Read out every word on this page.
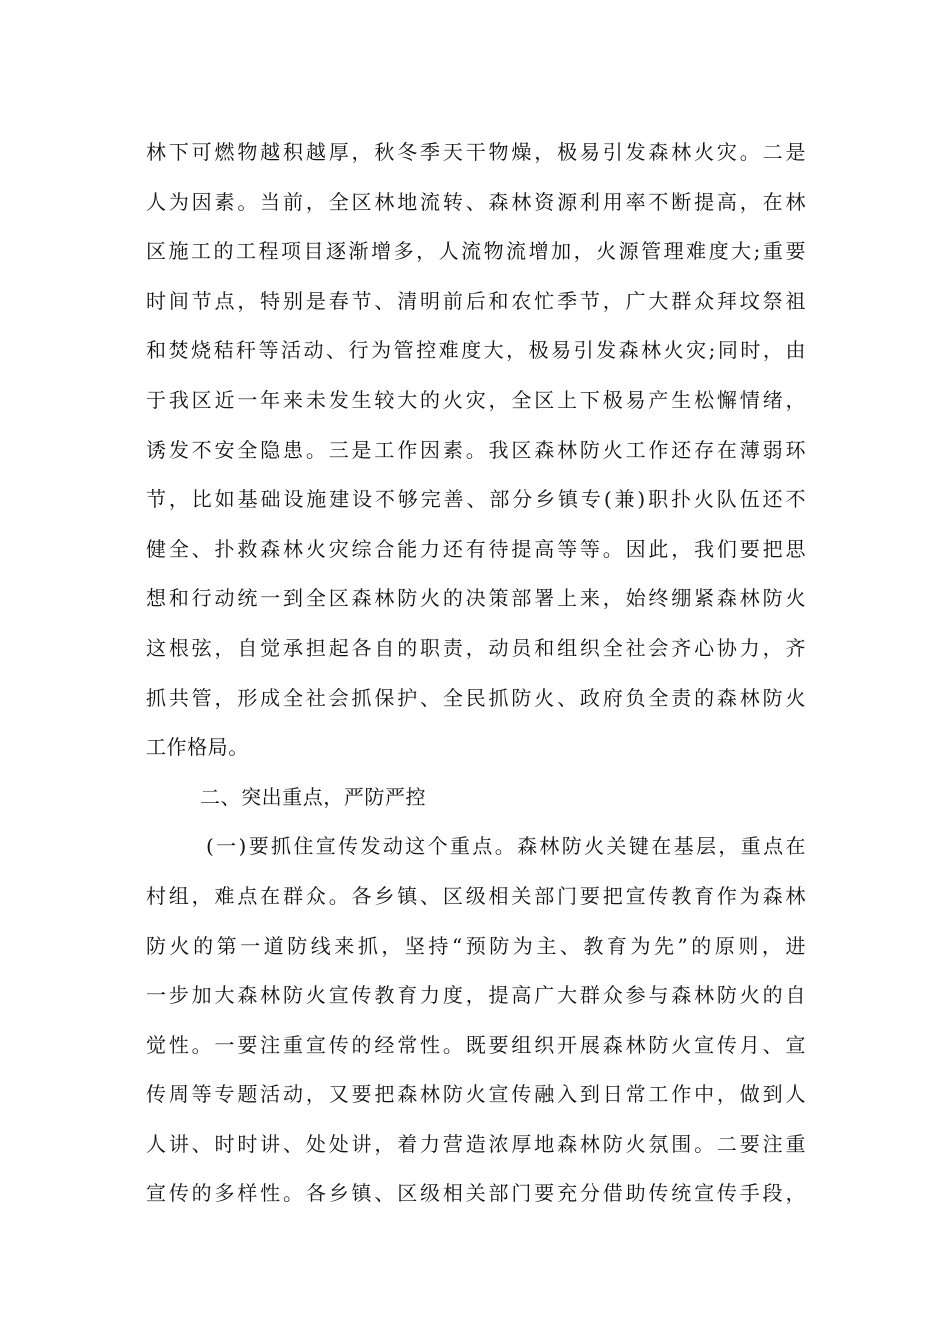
林下可燃物越积越厚，秋冬季天干物燥，极易引发森林火灾。二是
人为因素。当前，全区林地流转、森林资源利用率不断提高，在林
区施工的工程项目逐渐增多，人流物流增加，火源管理难度大;重要
时间节点，特别是春节、清明前后和农忙季节，广大群众拜坟祭祖
和焚烧秸秆等活动、行为管控难度大，极易引发森林火灾;同时，由
于我区近一年来未发生较大的火灾，全区上下极易产生松懈情绪，
诱发不安全隐患。三是工作因素。我区森林防火工作还存在薄弱环
节，比如基础设施建设不够完善、部分乡镇专(兼)职扑火队伍还不
健全、扑救森林火灾综合能力还有待提高等等。因此，我们要把思
想和行动统一到全区森林防火的决策部署上来，始终绷紧森林防火
这根弦，自觉承担起各自的职责，动员和组织全社会齐心协力，齐
抓共管，形成全社会抓保护、全民抓防火、政府负全责的森林防火
工作格局。
二、突出重点，严防严控
(一)要抓住宣传发动这个重点。森林防火关键在基层，重点在
村组，难点在群众。各乡镇、区级相关部门要把宣传教育作为森林
防火的第一道防线来抓，坚持“预防为主、教育为先”的原则，进
一步加大森林防火宣传教育力度，提高广大群众参与森林防火的自
觉性。一要注重宣传的经常性。既要组织开展森林防火宣传月、宣
传周等专题活动，又要把森林防火宣传融入到日常工作中，做到人
人讲、时时讲、处处讲，着力营造浓厚地森林防火氛围。二要注重
宣传的多样性。各乡镇、区级相关部门要充分借助传统宣传手段，
